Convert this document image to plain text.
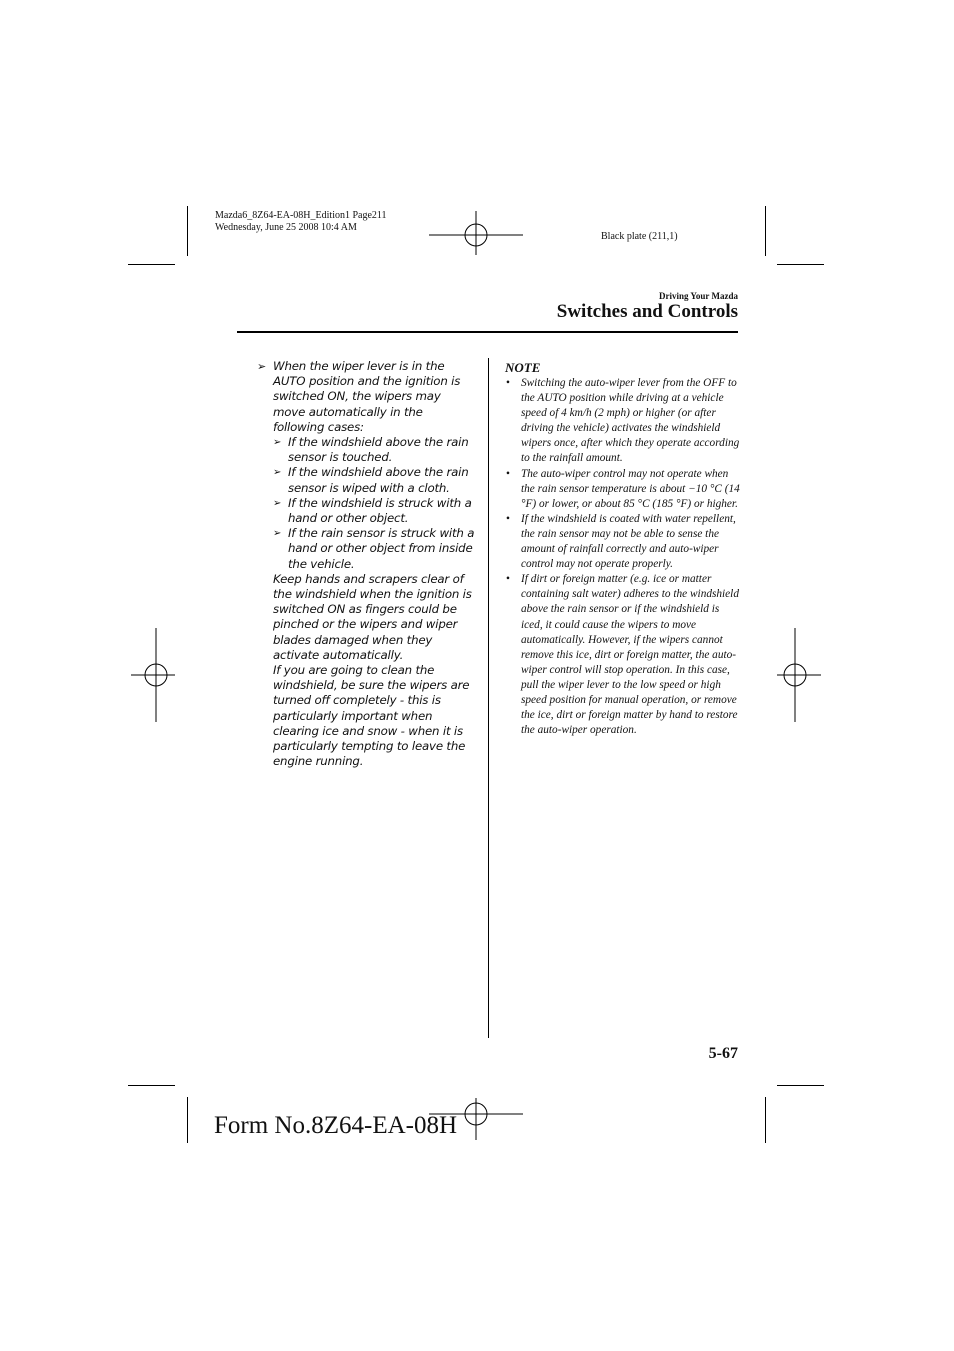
Mazda6_8Z64-EA-08H_Edition1 Page211
Wednesday, June 25 2008 10:4 AM
Black plate (211,1)
Driving Your Mazda
Switches and Controls
➢ When the wiper lever is in the AUTO position and the ignition is switched ON, the wipers may move automatically in the following cases:
➢ If the windshield above the rain sensor is touched.
➢ If the windshield above the rain sensor is wiped with a cloth.
➢ If the windshield is struck with a hand or other object.
➢ If the rain sensor is struck with a hand or other object from inside the vehicle.
Keep hands and scrapers clear of the windshield when the ignition is switched ON as fingers could be pinched or the wipers and wiper blades damaged when they activate automatically.
If you are going to clean the windshield, be sure the wipers are turned off completely - this is particularly important when clearing ice and snow - when it is particularly tempting to leave the engine running.
NOTE
• Switching the auto-wiper lever from the OFF to the AUTO position while driving at a vehicle speed of 4 km/h (2 mph) or higher (or after driving the vehicle) activates the windshield wipers once, after which they operate according to the rainfall amount.
• The auto-wiper control may not operate when the rain sensor temperature is about −10 °C (14 °F) or lower, or about 85 °C (185 °F) or higher.
• If the windshield is coated with water repellent, the rain sensor may not be able to sense the amount of rainfall correctly and auto-wiper control may not operate properly.
• If dirt or foreign matter (e.g. ice or matter containing salt water) adheres to the windshield above the rain sensor or if the windshield is iced, it could cause the wipers to move automatically. However, if the wipers cannot remove this ice, dirt or foreign matter, the auto-wiper control will stop operation. In this case, pull the wiper lever to the low speed or high speed position for manual operation, or remove the ice, dirt or foreign matter by hand to restore the auto-wiper operation.
5-67
Form No.8Z64-EA-08H
